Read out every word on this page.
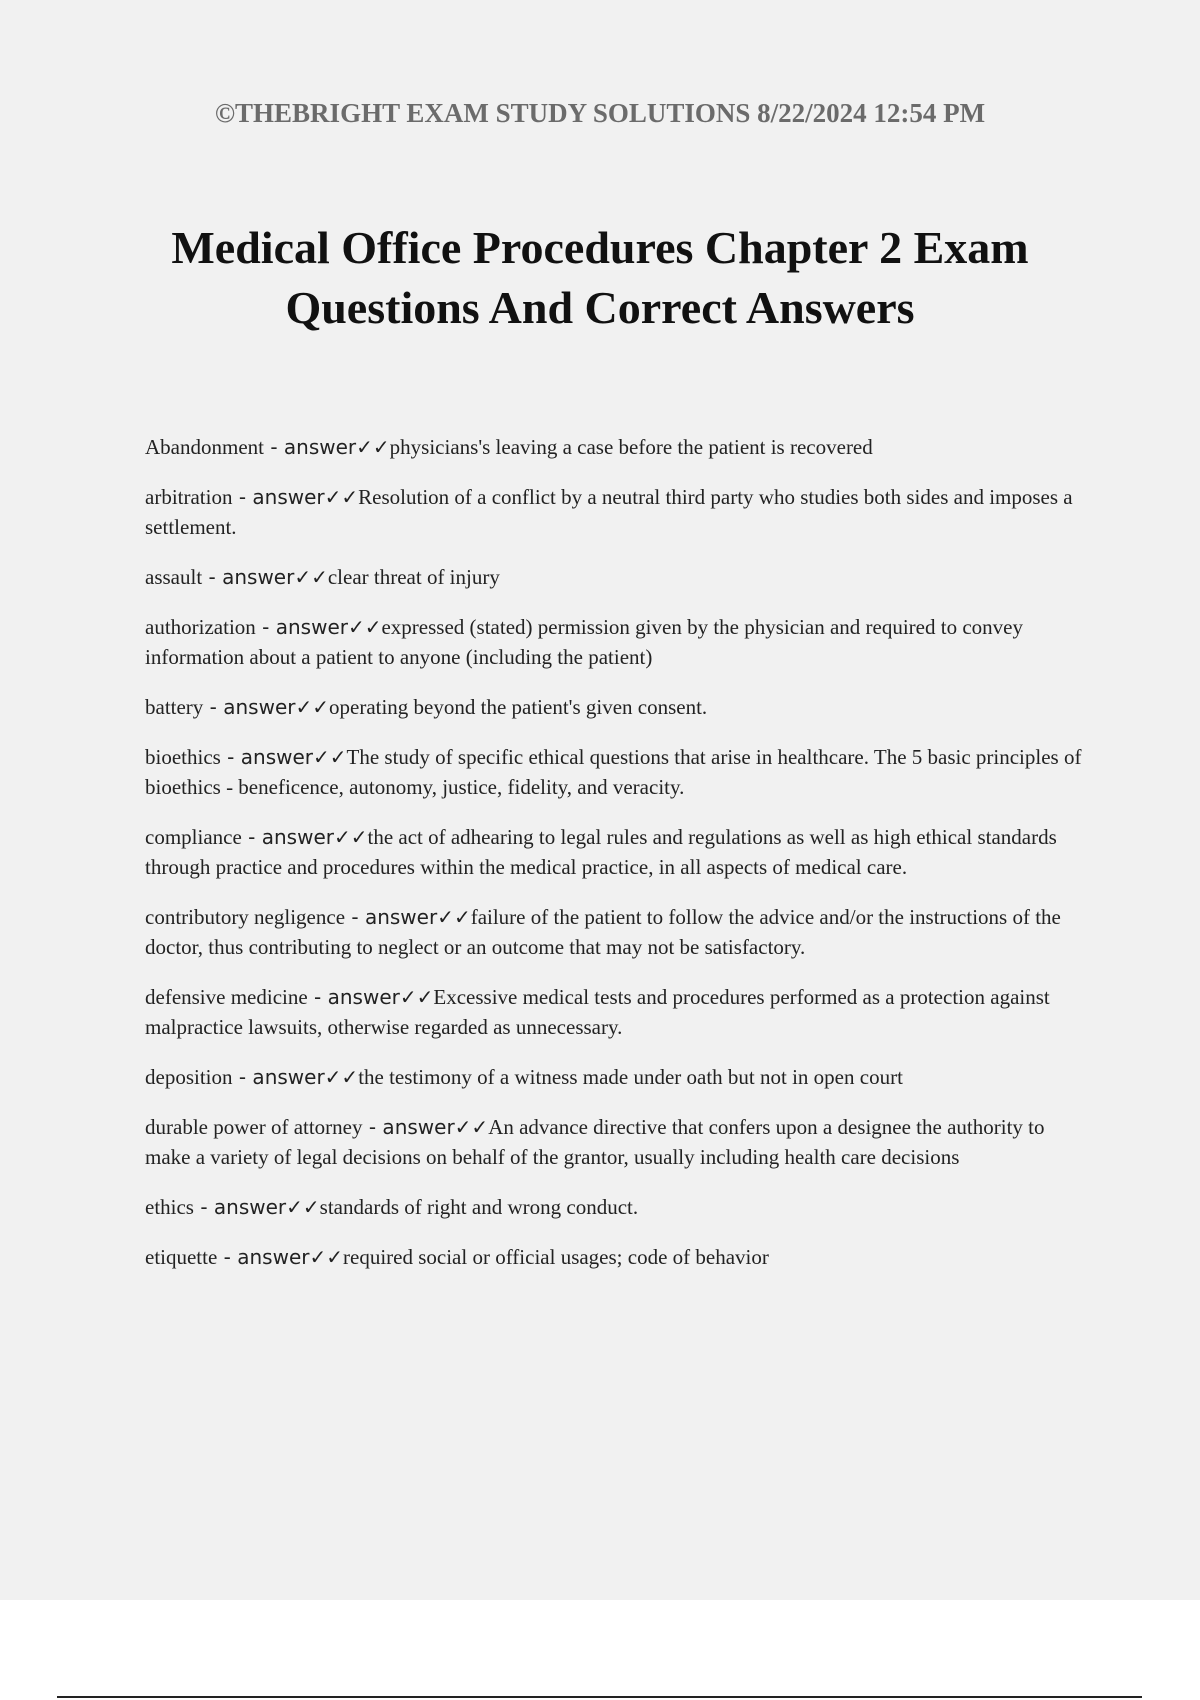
©THEBRIGHT EXAM STUDY SOLUTIONS 8/22/2024 12:54 PM
Medical Office Procedures Chapter 2 Exam Questions And Correct Answers

Abandonment - answer✓✓physicians's leaving a case before the patient is recovered

arbitration - answer✓✓Resolution of a conflict by a neutral third party who studies both sides and imposes a settlement.

assault - answer✓✓clear threat of injury

authorization - answer✓✓expressed (stated) permission given by the physician and required to convey information about a patient to anyone (including the patient)

battery - answer✓✓operating beyond the patient's given consent.

bioethics - answer✓✓The study of specific ethical questions that arise in healthcare. The 5 basic principles of bioethics - beneficence, autonomy, justice, fidelity, and veracity.

compliance - answer✓✓the act of adhearing to legal rules and regulations as well as high ethical standards through practice and procedures within the medical practice, in all aspects of medical care.

contributory negligence - answer✓✓failure of the patient to follow the advice and/or the instructions of the doctor, thus contributing to neglect or an outcome that may not be satisfactory.

defensive medicine - answer✓✓Excessive medical tests and procedures performed as a protection against malpractice lawsuits, otherwise regarded as unnecessary.

deposition - answer✓✓the testimony of a witness made under oath but not in open court

durable power of attorney - answer✓✓An advance directive that confers upon a designee the authority to make a variety of legal decisions on behalf of the grantor, usually including health care decisions

ethics - answer✓✓standards of right and wrong conduct.

etiquette - answer✓✓required social or official usages; code of behavior
